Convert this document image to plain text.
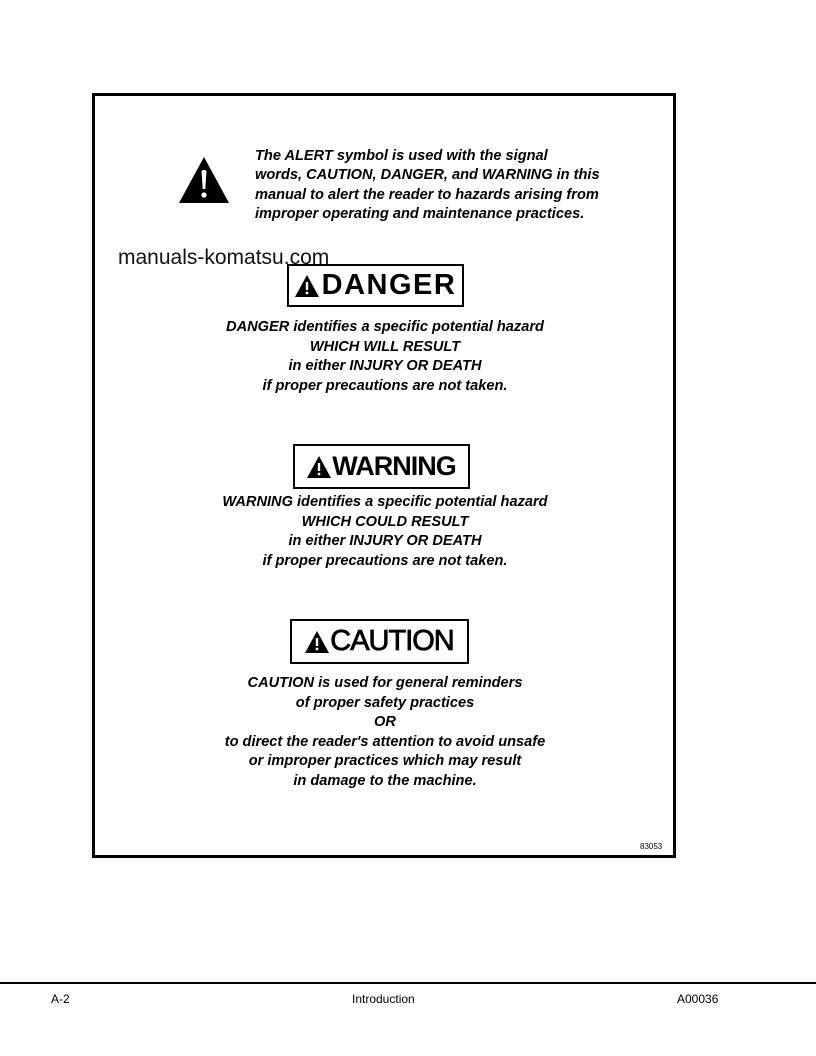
The ALERT symbol is used with the signal
words, CAUTION, DANGER, and WARNING in this
manual to alert the reader to hazards arising from
improper operating and maintenance practices.
manuals-komatsu.com
DANGER
DANGER identifies a specific potential hazard
WHICH WILL RESULT
in either INJURY OR DEATH
if proper precautions are not taken.
WARNING
WARNING identifies a specific potential hazard
WHICH COULD RESULT
in either INJURY OR DEATH
if proper precautions are not taken.
CAUTION
CAUTION is used for general reminders
of proper safety practices
OR
to direct the reader's attention to avoid unsafe
or improper practices which may result
in damage to the machine.
83053
A-2	Introduction	A00036
